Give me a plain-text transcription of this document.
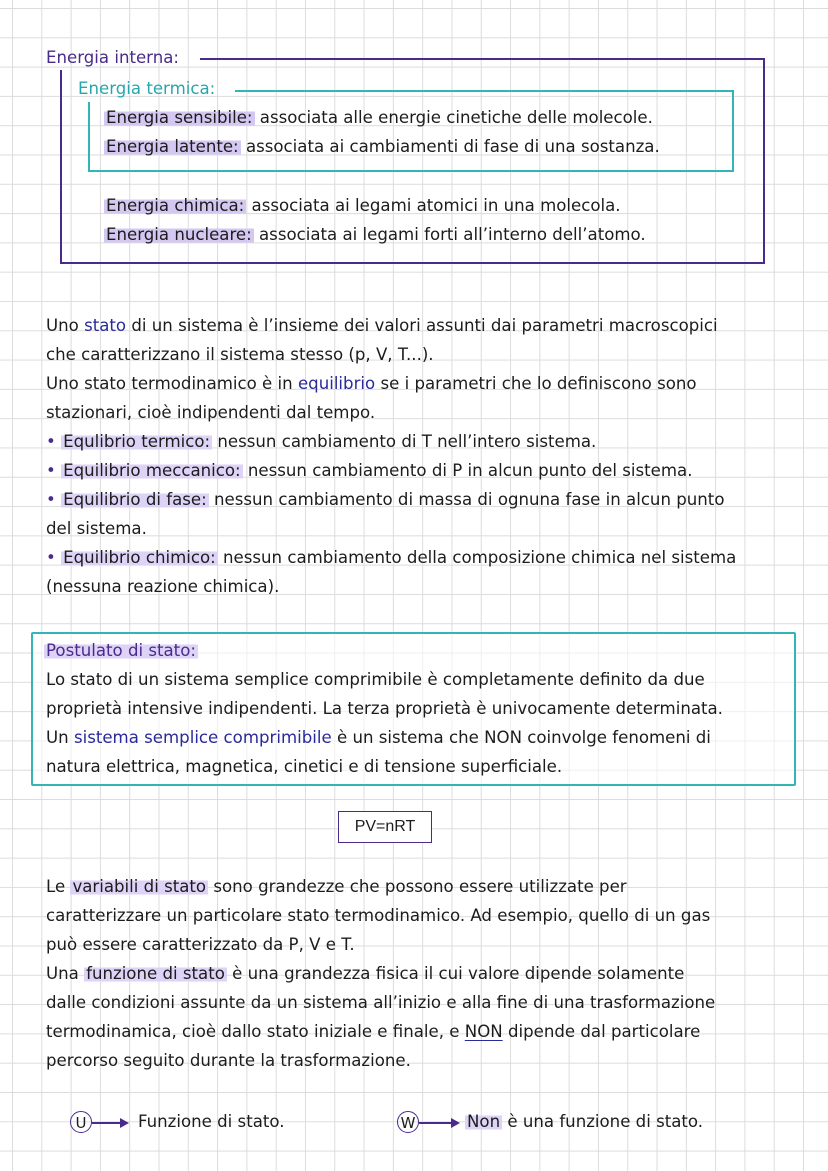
Energia interna:
Energia termica:
Energia sensibile: associata alle energie cinetiche delle molecole.
Energia latente: associata ai cambiamenti di fase di una sostanza.
Energia chimica: associata ai legami atomici in una molecola.
Energia nucleare: associata ai legami forti all’interno dell’atomo.
Uno stato di un sistema è l’insieme dei valori assunti dai parametri macroscopici
che caratterizzano il sistema stesso (p, V, T...).
Uno stato termodinamico è in equilibrio se i parametri che lo definiscono sono
stazionari, cioè indipendenti dal tempo.
• Equlibrio termico: nessun cambiamento di T nell’intero sistema.
• Equilibrio meccanico: nessun cambiamento di P in alcun punto del sistema.
• Equilibrio di fase: nessun cambiamento di massa di ognuna fase in alcun punto
del sistema.
• Equilibrio chimico: nessun cambiamento della composizione chimica nel sistema
(nessuna reazione chimica).
Postulato di stato:
Lo stato di un sistema semplice comprimibile è completamente definito da due
proprietà intensive indipendenti. La terza proprietà è univocamente determinata.
Un sistema semplice comprimibile è un sistema che NON coinvolge fenomeni di
natura elettrica, magnetica, cinetici e di tensione superficiale.
PV=nRT
Le variabili di stato sono grandezze che possono essere utilizzate per
caratterizzare un particolare stato termodinamico. Ad esempio, quello di un gas
può essere caratterizzato da P, V e T.
Una funzione di stato è una grandezza fisica il cui valore dipende solamente
dalle condizioni assunte da un sistema all’inizio e alla fine di una trasformazione
termodinamica, cioè dallo stato iniziale e finale, e NON dipende dal particolare
percorso seguito durante la trasformazione.
U	Funzione di stato.	W	Non è una funzione di stato.
